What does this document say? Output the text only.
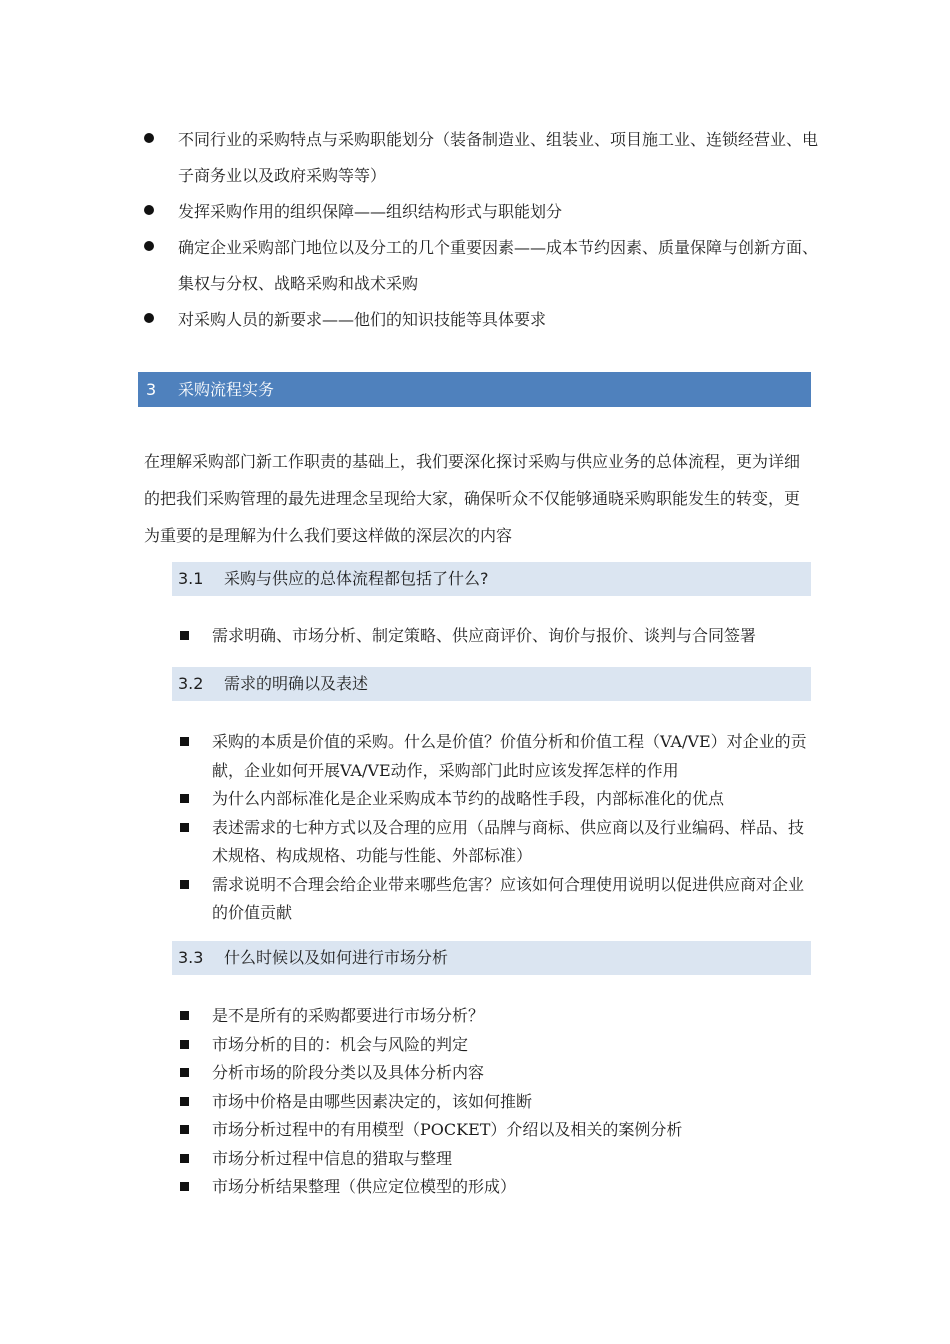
不同行业的采购特点与采购职能划分（装备制造业、组装业、项目施工业、连锁经营业、电子商务业以及政府采购等等）
发挥采购作用的组织保障——组织结构形式与职能划分
确定企业采购部门地位以及分工的几个重要因素——成本节约因素、质量保障与创新方面、集权与分权、战略采购和战术采购
对采购人员的新要求——他们的知识技能等具体要求
3 采购流程实务

在理解采购部门新工作职责的基础上，我们要深化探讨采购与供应业务的总体流程，更为详细的把我们采购管理的最先进理念呈现给大家，确保听众不仅能够通晓采购职能发生的转变，更为重要的是理解为什么我们要这样做的深层次的内容

3.1 采购与供应的总体流程都包括了什么?
需求明确、市场分析、制定策略、供应商评价、询价与报价、谈判与合同签署
3.2 需求的明确以及表述
采购的本质是价值的采购。什么是价值？价值分析和价值工程（VA/VE）对企业的贡献，企业如何开展VA/VE动作，采购部门此时应该发挥怎样的作用
为什么内部标准化是企业采购成本节约的战略性手段，内部标准化的优点
表述需求的七种方式以及合理的应用（品牌与商标、供应商以及行业编码、样品、技术规格、构成规格、功能与性能、外部标准）
需求说明不合理会给企业带来哪些危害？应该如何合理使用说明以促进供应商对企业的价值贡献
3.3 什么时候以及如何进行市场分析
是不是所有的采购都要进行市场分析？
市场分析的目的：机会与风险的判定
分析市场的阶段分类以及具体分析内容
市场中价格是由哪些因素决定的，该如何推断
市场分析过程中的有用模型（POCKET）介绍以及相关的案例分析
市场分析过程中信息的猎取与整理
市场分析结果整理（供应定位模型的形成）
